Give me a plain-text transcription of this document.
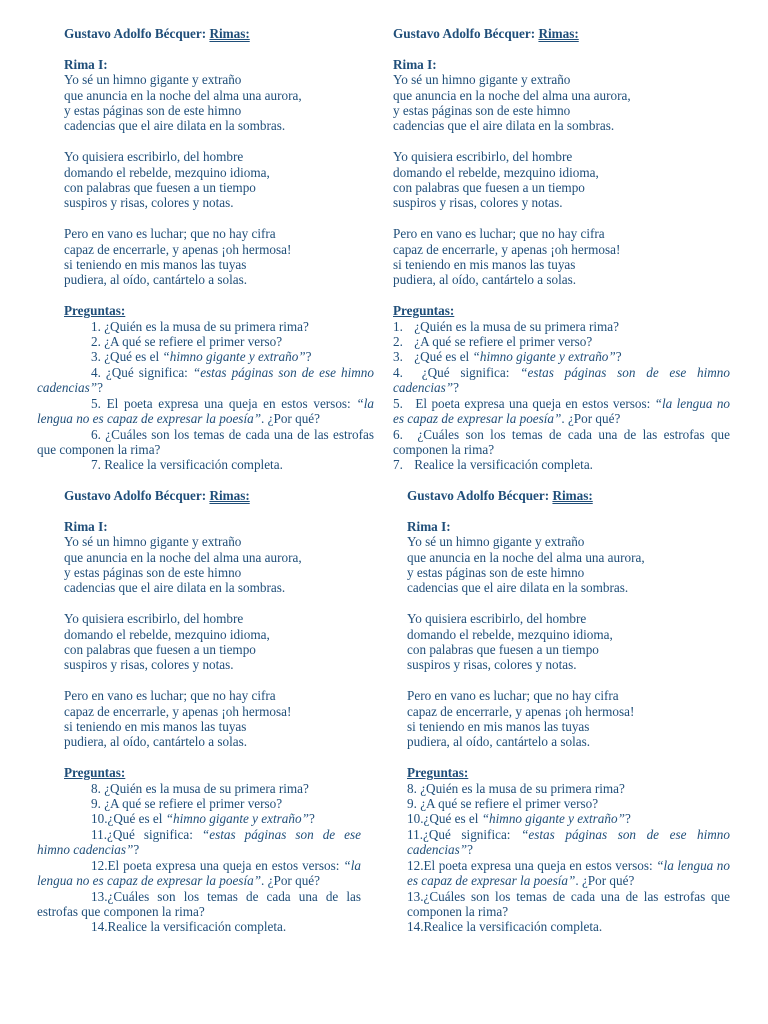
Gustavo Adolfo Bécquer: Rimas:
Rima I:
Yo sé un himno gigante y extraño
que anuncia en la noche del alma una aurora,
y estas páginas son de este himno
cadencias que el aire dilata en la sombras.
Yo quisiera escribirlo, del hombre
domando el rebelde, mezquino idioma,
con palabras que fuesen a un tiempo
suspiros y risas, colores y notas.
Pero en vano es luchar; que no hay cifra
capaz de encerrarle, y apenas ¡oh hermosa!
si teniendo en mis manos las tuyas
pudiera, al oído, cantártelo a solas.
Preguntas:
1. ¿Quién es la musa de su primera rima?
2. ¿A qué se refiere el primer verso?
3. ¿Qué es el “himno gigante y extraño”?
4. ¿Qué significa: “estas páginas son de ese himno cadencias”?
5. El poeta expresa una queja en estos versos: “la lengua no es capaz de expresar la poesía”. ¿Por qué?
6. ¿Cuáles son los temas de cada una de las estrofas que componen la rima?
7. Realice la versificación completa.
Gustavo Adolfo Bécquer: Rimas:
Rima I:
Yo sé un himno gigante y extraño
que anuncia en la noche del alma una aurora,
y estas páginas son de este himno
cadencias que el aire dilata en la sombras.
Yo quisiera escribirlo, del hombre
domando el rebelde, mezquino idioma,
con palabras que fuesen a un tiempo
suspiros y risas, colores y notas.
Pero en vano es luchar; que no hay cifra
capaz de encerrarle, y apenas ¡oh hermosa!
si teniendo en mis manos las tuyas
pudiera, al oído, cantártelo a solas.
Preguntas:
1. ¿Quién es la musa de su primera rima?
2. ¿A qué se refiere el primer verso?
3. ¿Qué es el “himno gigante y extraño”?
4. ¿Qué significa: “estas páginas son de ese himno cadencias”?
5. El poeta expresa una queja en estos versos: “la lengua no es capaz de expresar la poesía”. ¿Por qué?
6. ¿Cuáles son los temas de cada una de las estrofas que componen la rima?
7. Realice la versificación completa.
Gustavo Adolfo Bécquer: Rimas:
Rima I:
Yo sé un himno gigante y extraño
que anuncia en la noche del alma una aurora,
y estas páginas son de este himno
cadencias que el aire dilata en la sombras.
Yo quisiera escribirlo, del hombre
domando el rebelde, mezquino idioma,
con palabras que fuesen a un tiempo
suspiros y risas, colores y notas.
Pero en vano es luchar; que no hay cifra
capaz de encerrarle, y apenas ¡oh hermosa!
si teniendo en mis manos las tuyas
pudiera, al oído, cantártelo a solas.
Preguntas:
8. ¿Quién es la musa de su primera rima?
9. ¿A qué se refiere el primer verso?
10.¿Qué es el “himno gigante y extraño”?
11.¿Qué significa: “estas páginas son de ese himno cadencias”?
12.El poeta expresa una queja en estos versos: “la lengua no es capaz de expresar la poesía”. ¿Por qué?
13.¿Cuáles son los temas de cada una de las estrofas que componen la rima?
14.Realice la versificación completa.
Gustavo Adolfo Bécquer: Rimas:
Rima I:
Yo sé un himno gigante y extraño
que anuncia en la noche del alma una aurora,
y estas páginas son de este himno
cadencias que el aire dilata en la sombras.
Yo quisiera escribirlo, del hombre
domando el rebelde, mezquino idioma,
con palabras que fuesen a un tiempo
suspiros y risas, colores y notas.
Pero en vano es luchar; que no hay cifra
capaz de encerrarle, y apenas ¡oh hermosa!
si teniendo en mis manos las tuyas
pudiera, al oído, cantártelo a solas.
Preguntas:
8. ¿Quién es la musa de su primera rima?
9. ¿A qué se refiere el primer verso?
10.¿Qué es el “himno gigante y extraño”?
11.¿Qué significa: “estas páginas son de ese himno cadencias”?
12.El poeta expresa una queja en estos versos: “la lengua no es capaz de expresar la poesía”. ¿Por qué?
13.¿Cuáles son los temas de cada una de las estrofas que componen la rima?
14.Realice la versificación completa.
